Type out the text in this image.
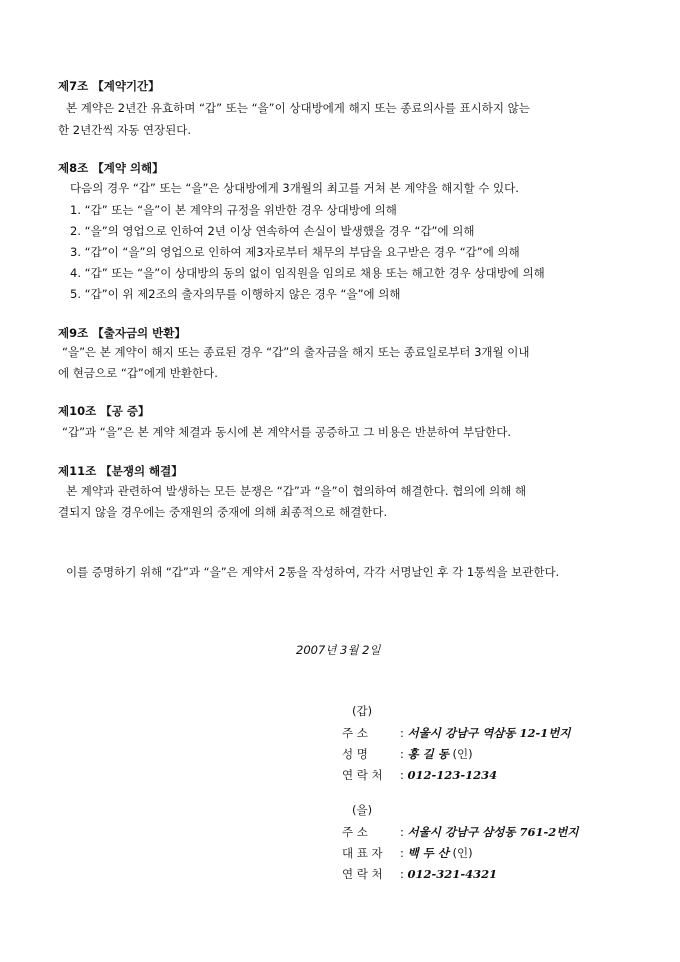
제7조 【계약기간】
본 계약은 2년간 유효하며 “갑” 또는 “을”이 상대방에게 해지 또는 종료의사를 표시하지 않는
한 2년간씩 자동 연장된다.
제8조 【계약 의해】
다음의 경우 “갑” 또는 “을”은 상대방에게 3개월의 최고를 거쳐 본 계약을 해지할 수 있다.
1. “갑” 또는 “을”이 본 계약의 규정을 위반한 경우 상대방에 의해
2. “을”의 영업으로 인하여 2년 이상 연속하여 손실이 발생했을 경우 “갑”에 의해
3. “갑”이 “을”의 영업으로 인하여 제3자로부터 채무의 부담을 요구받은 경우 “갑”에 의해
4. “갑” 또는 “을”이 상대방의 동의 없이 임직원을 임의로 채용 또는 해고한 경우 상대방에 의해
5. “갑”이 위 제2조의 출자의무를 이행하지 않은 경우 “을”에 의해
제9조 【출자금의 반환】
“을”은 본 계약이 해지 또는 종료된 경우 “갑”의 출자금을 해지 또는 종료일로부터 3개월 이내
에 현금으로 “갑”에게 반환한다.
제10조 【공 증】
“갑”과 “을”은 본 계약 체결과 동시에 본 계약서를 공증하고 그 비용은 반분하여 부담한다.
제11조 【분쟁의 해결】
본 계약과 관련하여 발생하는 모든 분쟁은 “갑”과 “을”이 협의하여 해결한다. 협의에 의해 해
결되지 않을 경우에는 중재원의 중재에 의해 최종적으로 해결한다.
이를 증명하기 위해 “갑”과 “을”은 계약서 2통을 작성하여, 각각 서명날인 후 각 1통씩을 보관한다.
2007년 3월 2일
(갑)
주 소	: 서울시 강남구 역삼동 12-1번지
성 명	: 홍 길 동 (인)
연 락 처 : 012-123-1234
(을)
주 소	: 서울시 강남구 삼성동 761-2번지
대 표 자 : 백 두 산 (인)
연 락 처 : 012-321-4321
